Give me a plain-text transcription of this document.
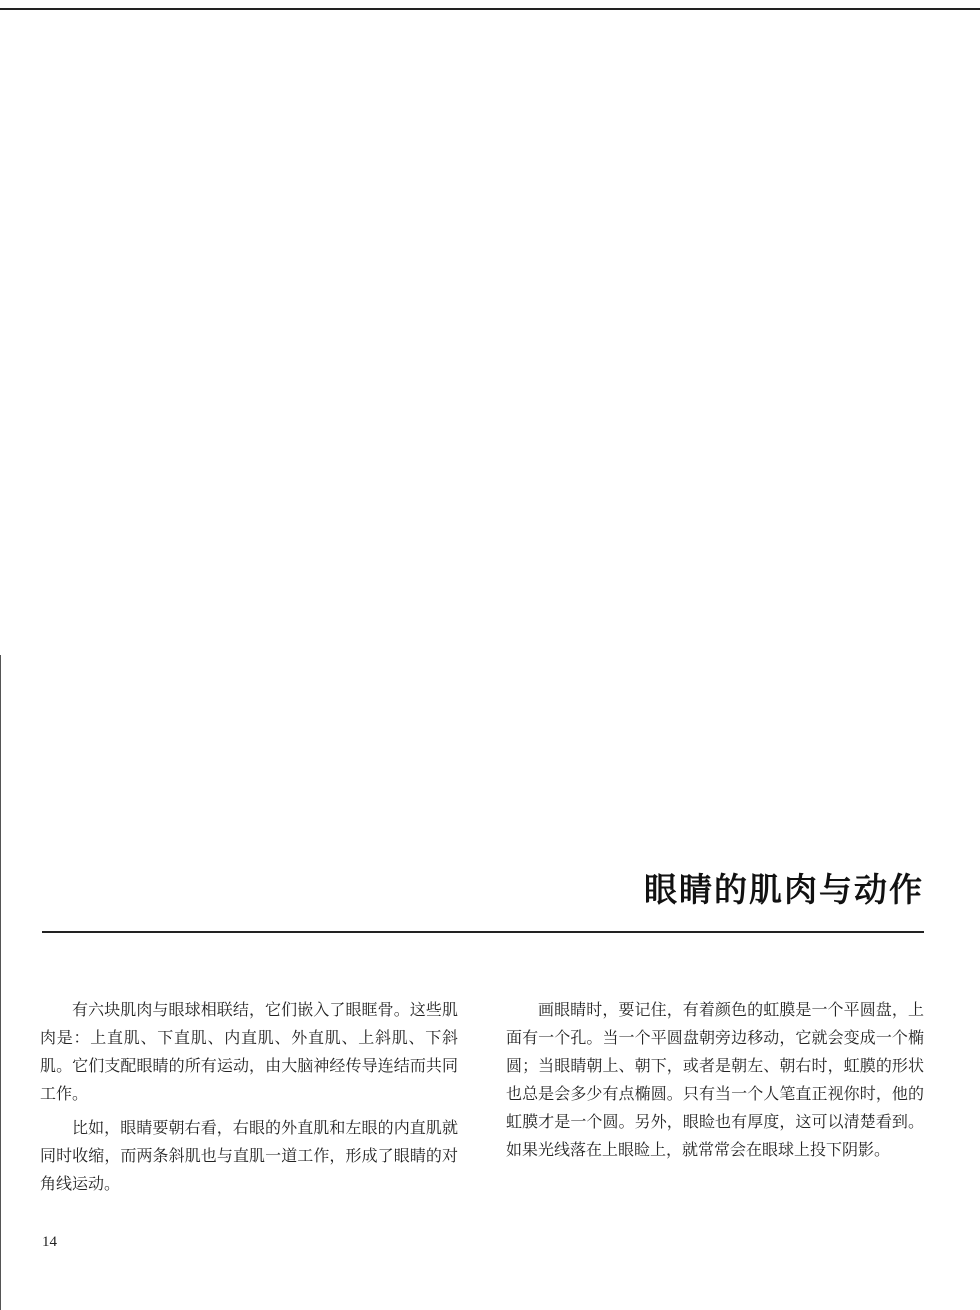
眼睛的肌肉与动作

有六块肌肉与眼球相联结，它们嵌入了眼眶骨。这些肌肉是：上直肌、下直肌、内直肌、外直肌、上斜肌、下斜肌。它们支配眼睛的所有运动，由大脑神经传导连结而共同工作。

比如，眼睛要朝右看，右眼的外直肌和左眼的内直肌就同时收缩，而两条斜肌也与直肌一道工作，形成了眼睛的对角线运动。

画眼睛时，要记住，有着颜色的虹膜是一个平圆盘，上面有一个孔。当一个平圆盘朝旁边移动，它就会变成一个椭圆；当眼睛朝上、朝下，或者是朝左、朝右时，虹膜的形状也总是会多少有点椭圆。只有当一个人笔直正视你时，他的虹膜才是一个圆。另外，眼睑也有厚度，这可以清楚看到。如果光线落在上眼睑上，就常常会在眼球上投下阴影。

14
